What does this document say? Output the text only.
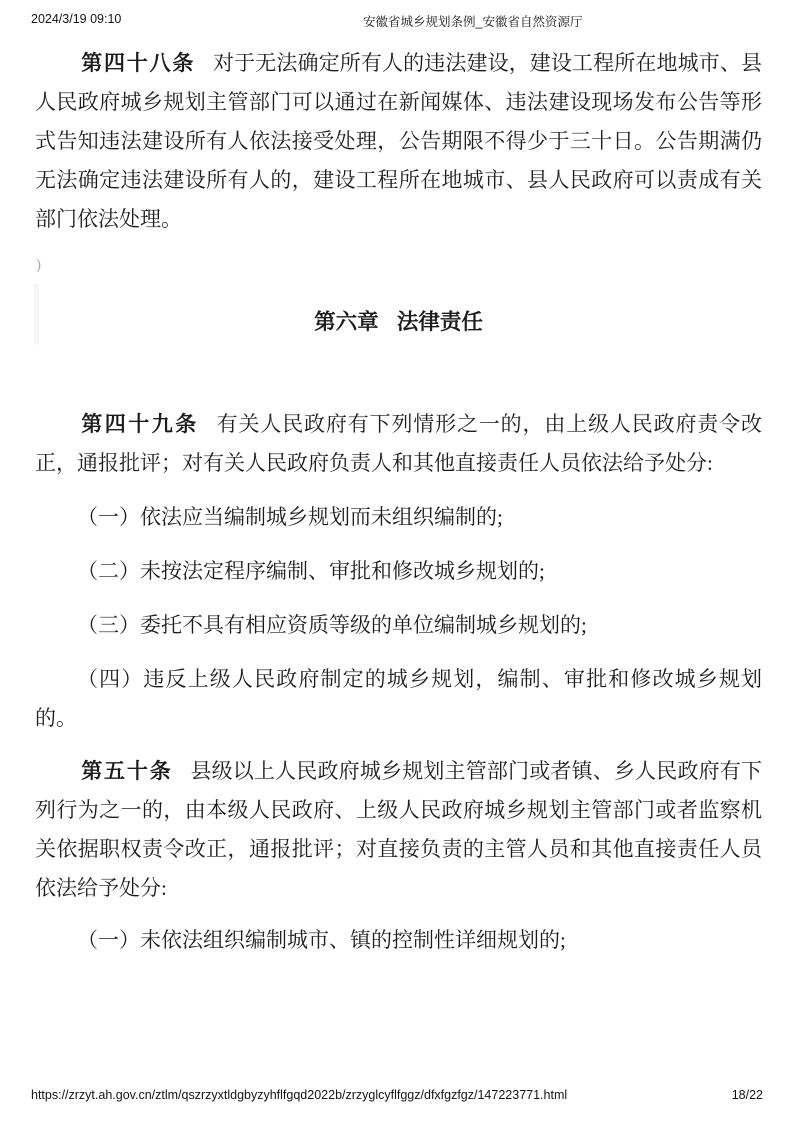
2024/3/19 09:10	安徽省城乡规划条例_安徽省自然资源厅
)

第四十八条 对于无法确定所有人的违法建设，建设工程所在地城市、县人民政府城乡规划主管部门可以通过在新闻媒体、违法建设现场发布公告等形式告知违法建设所有人依法接受处理，公告期限不得少于三十日。公告期满仍无法确定违法建设所有人的，建设工程所在地城市、县人民政府可以责成有关部门依法处理。

第六章 法律责任

第四十九条 有关人民政府有下列情形之一的，由上级人民政府责令改正，通报批评；对有关人民政府负责人和其他直接责任人员依法给予处分:

（一）依法应当编制城乡规划而未组织编制的;

（二）未按法定程序编制、审批和修改城乡规划的;

（三）委托不具有相应资质等级的单位编制城乡规划的;

（四）违反上级人民政府制定的城乡规划，编制、审批和修改城乡规划的。

第五十条 县级以上人民政府城乡规划主管部门或者镇、乡人民政府有下列行为之一的，由本级人民政府、上级人民政府城乡规划主管部门或者监察机关依据职权责令改正，通报批评；对直接负责的主管人员和其他直接责任人员依法给予处分:

（一）未依法组织编制城市、镇的控制性详细规划的;

https://zrzyt.ah.gov.cn/ztlm/qszrzyxtldgbyzyhflfgqd2022b/zrzyglcyflfggz/dfxfgzfgz/147223771.html	18/22
